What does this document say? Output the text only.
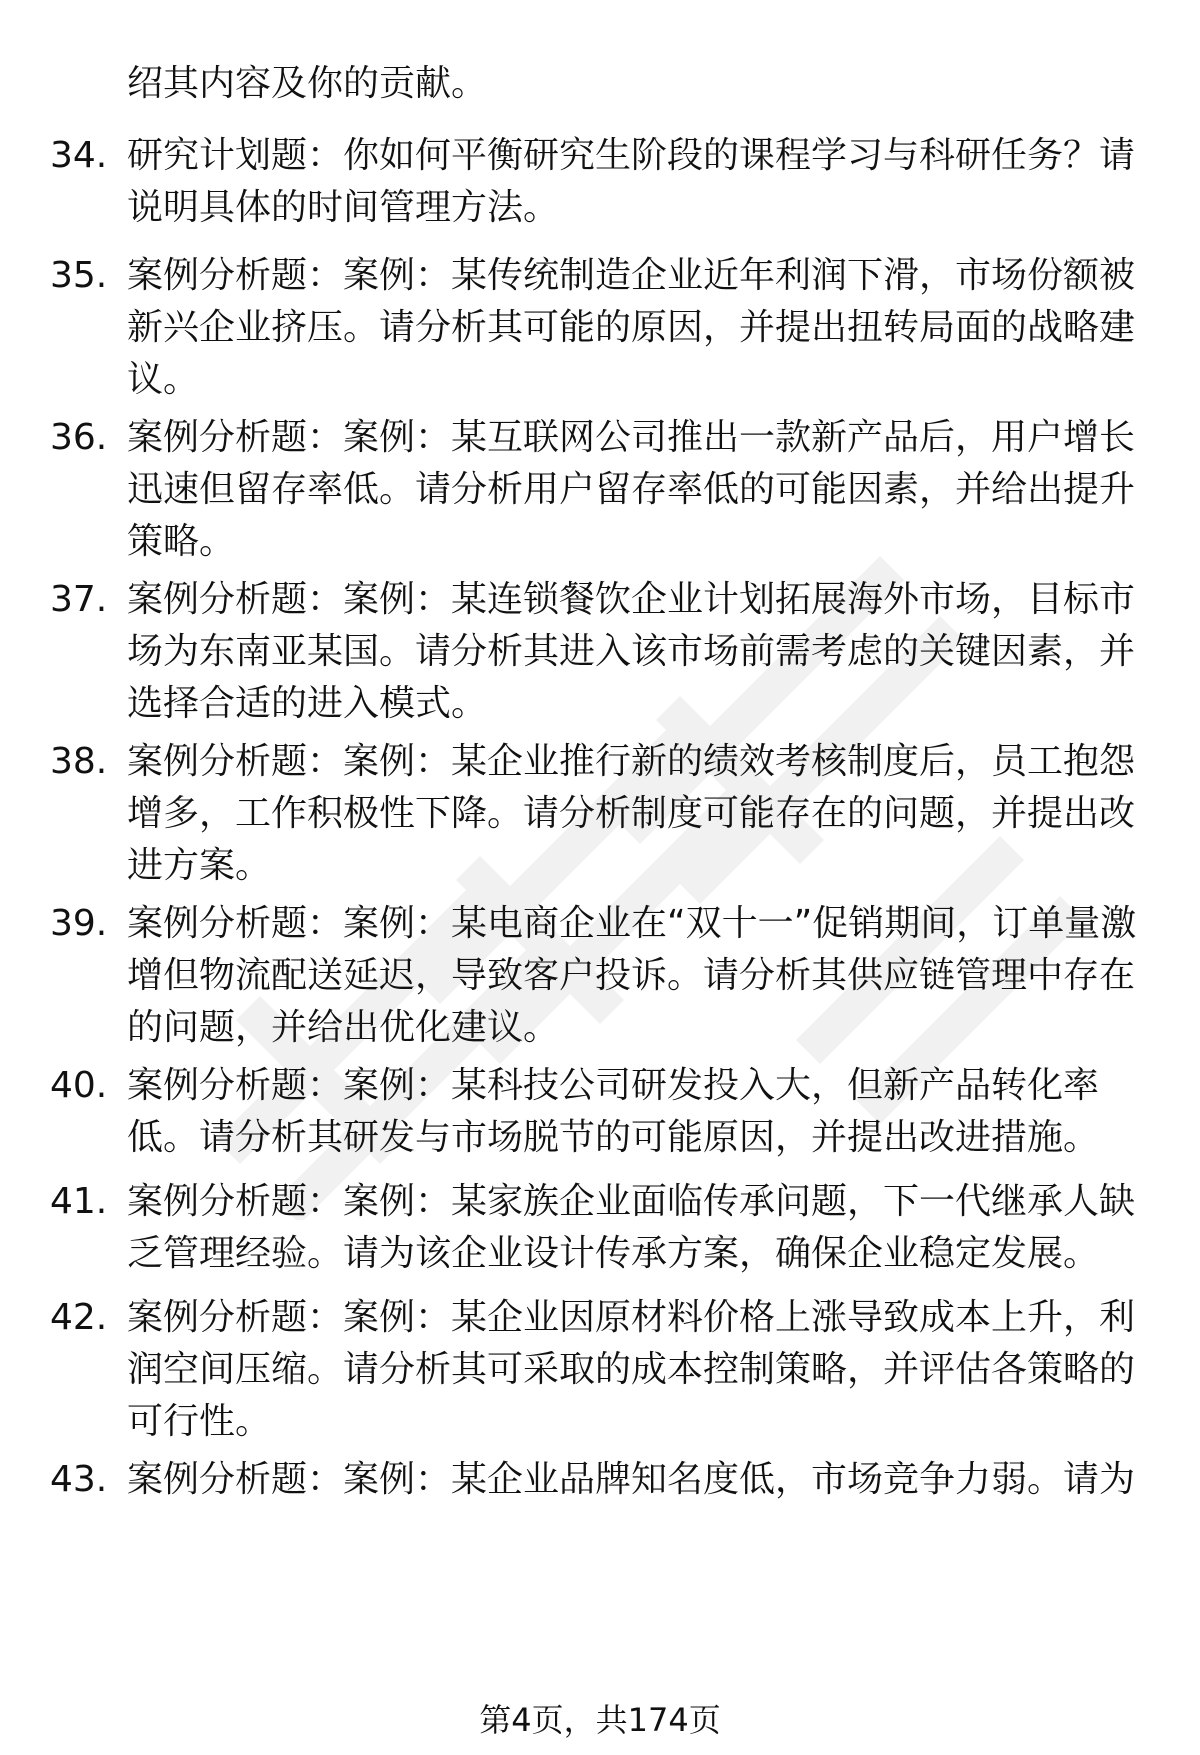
绍其内容及你的贡献。
34. 研究计划题：你如何平衡研究生阶段的课程学习与科研任务？请说明具体的时间管理方法。
35. 案例分析题：案例：某传统制造企业近年利润下滑，市场份额被新兴企业挤压。请分析其可能的原因，并提出扭转局面的战略建议。
36. 案例分析题：案例：某互联网公司推出一款新产品后，用户增长迅速但留存率低。请分析用户留存率低的可能因素，并给出提升策略。
37. 案例分析题：案例：某连锁餐饮企业计划拓展海外市场，目标市场为东南亚某国。请分析其进入该市场前需考虑的关键因素，并选择合适的进入模式。
38. 案例分析题：案例：某企业推行新的绩效考核制度后，员工抱怨增多，工作积极性下降。请分析制度可能存在的问题，并提出改进方案。
39. 案例分析题：案例：某电商企业在“双十一”促销期间，订单量激增但物流配送延迟，导致客户投诉。请分析其供应链管理中存在的问题，并给出优化建议。
40. 案例分析题：案例：某科技公司研发投入大，但新产品转化率低。请分析其研发与市场脱节的可能原因，并提出改进措施。
41. 案例分析题：案例：某家族企业面临传承问题，下一代继承人缺乏管理经验。请为该企业设计传承方案，确保企业稳定发展。
42. 案例分析题：案例：某企业因原材料价格上涨导致成本上升，利润空间压缩。请分析其可采取的成本控制策略，并评估各策略的可行性。
43. 案例分析题：案例：某企业品牌知名度低，市场竞争力弱。请为
第4页，共174页
